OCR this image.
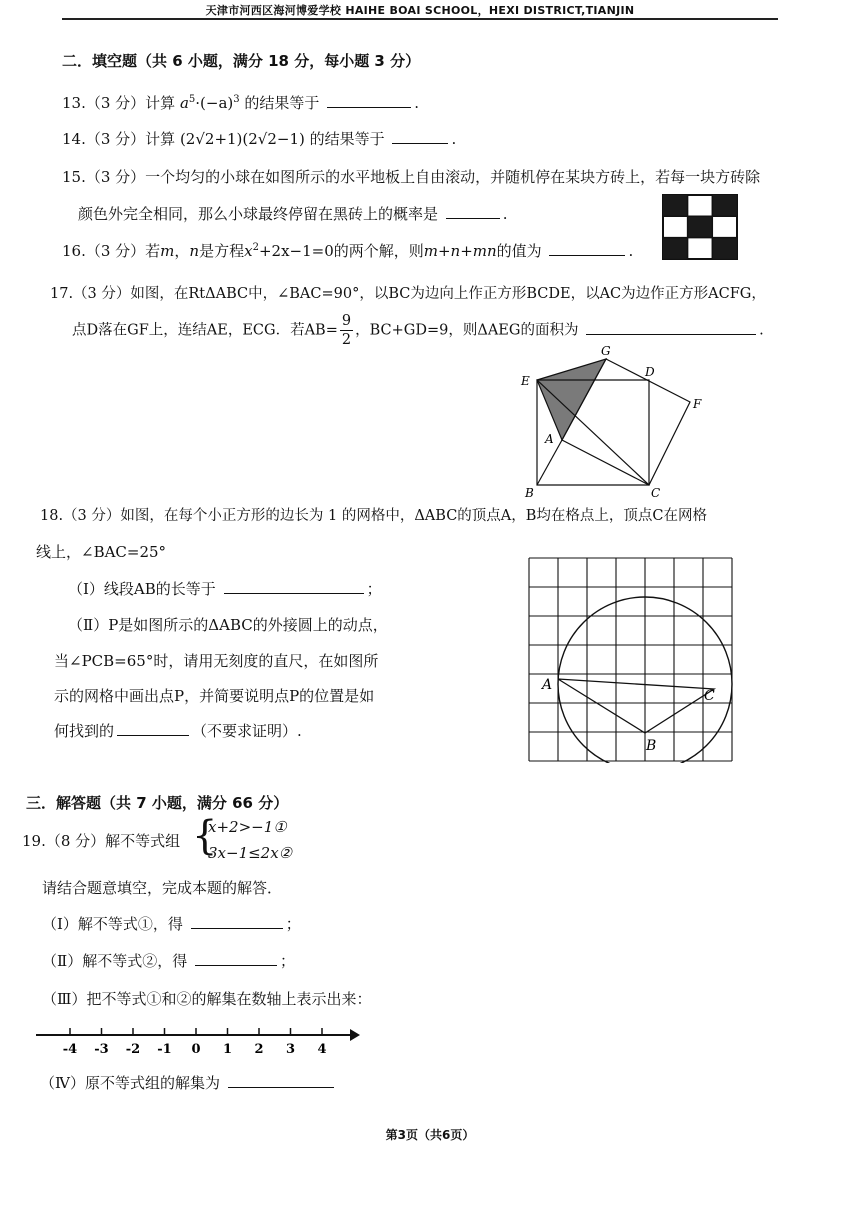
天津市河西区海河博爱学校 HAIHE BOAI SCHOOL，HEXI DISTRICT,TIANJIN
二．填空题（共 6 小题，满分 18 分，每小题 3 分）
13.（3 分）计算 $a^5\cdot(-a)^3$ 的结果等于	.
14.（3 分）计算 (2√2+1)(2√2−1) 的结果等于	.
15.（3 分）一个均匀的小球在如图所示的水平地板上自由滚动，并随机停在某块方砖上，若每一块方砖除
颜色外完全相同，那么小球最终停留在黑砖上的概率是	.
16.（3 分）若m，n是方程$x^2+2x-1=0$的两个解，则m+n+mn的值为	.
17.（3 分）如图，在RtΔABC中，∠BAC=90°，以BC为边向上作正方形BCDE，以AC为边作正方形ACFG，
点D落在GF上，连结AE，ECG．若$AB= \frac{9}{2}$ ，BC+GD=9，则ΔAEG的面积为	.
E
G
D
F
A
B	C
18.（3 分）如图，在每个小正方形的边长为 1 的网格中，ΔABC的顶点A，B均在格点上，顶点C在网格
线上，∠BAC=25°
（Ⅰ）线段AB的长等于	；
（Ⅱ）P是如图所示的ΔABC的外接圆上的动点，
当∠PCB=65°时，请用无刻度的直尺，在如图所
示的网格中画出点P，并简要说明点P的位置是如
何找到的	（不要求证明）.
A
B
C
三．解答题（共 7 小题，满分 66 分）
19.（8 分）解不等式组 {
x+2>−1①
3x−1≤2x②
请结合题意填空，完成本题的解答．
（Ⅰ）解不等式①，得	；
（Ⅱ）解不等式②，得	；
（Ⅲ）把不等式①和②的解集在数轴上表示出来：
-4 -3 -2 -1 0 1 2 3 4
（Ⅳ）原不等式组的解集为
第3页（共6页）
